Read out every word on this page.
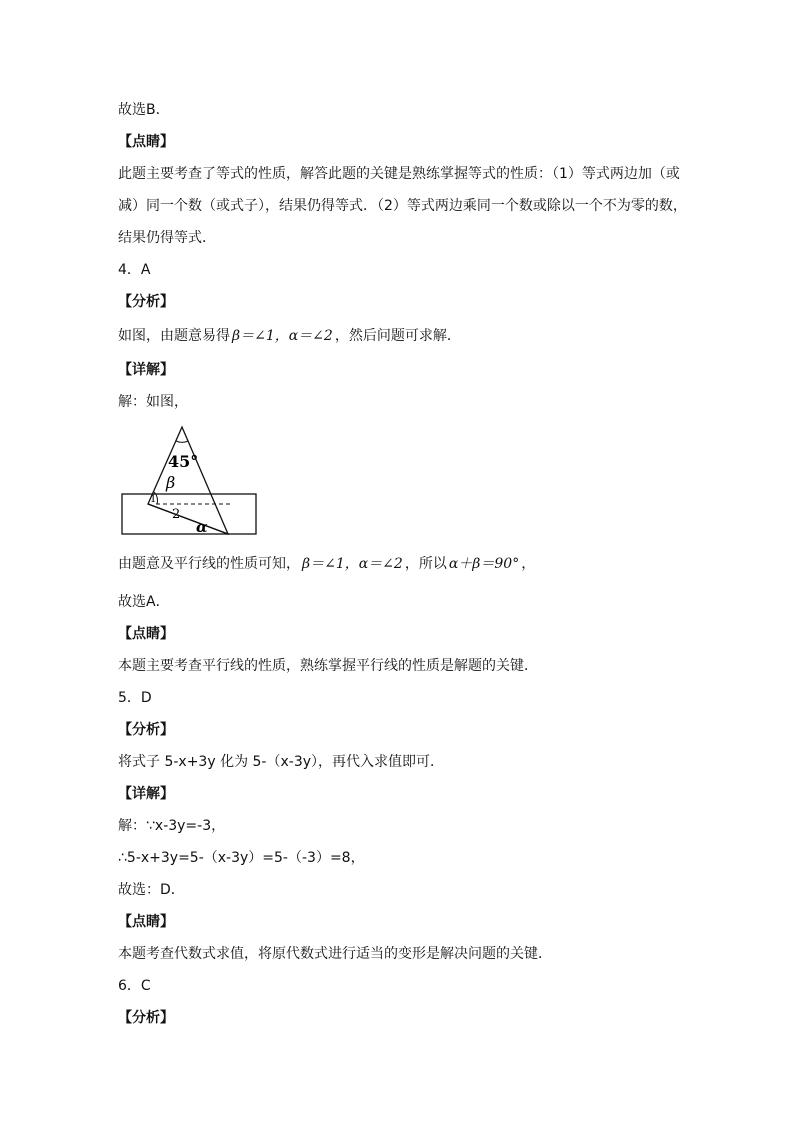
故选B．
【点睛】
此题主要考查了等式的性质，解答此题的关键是熟练掌握等式的性质：（1）等式两边加（或
减）同一个数（或式子），结果仍得等式．（2）等式两边乘同一个数或除以一个不为零的数，
结果仍得等式．
4．A
【分析】
如图，由题意易得 β＝∠1，α＝∠2 ，然后问题可求解．
【详解】
解：如图，
45°
β
1
2
α
由题意及平行线的性质可知， β＝∠1，α＝∠2 ，所以 α＋β＝90° ，
故选A．
【点睛】
本题主要考查平行线的性质，熟练掌握平行线的性质是解题的关键．
5．D
【分析】
将式子 5-x+3y 化为 5-（x-3y），再代入求值即可．
【详解】
解：∵x-3y=-3，
∴5-x+3y=5-（x-3y）=5-（-3）=8，
故选：D．
【点睛】
本题考查代数式求值，将原代数式进行适当的变形是解决问题的关键．
6．C
【分析】
